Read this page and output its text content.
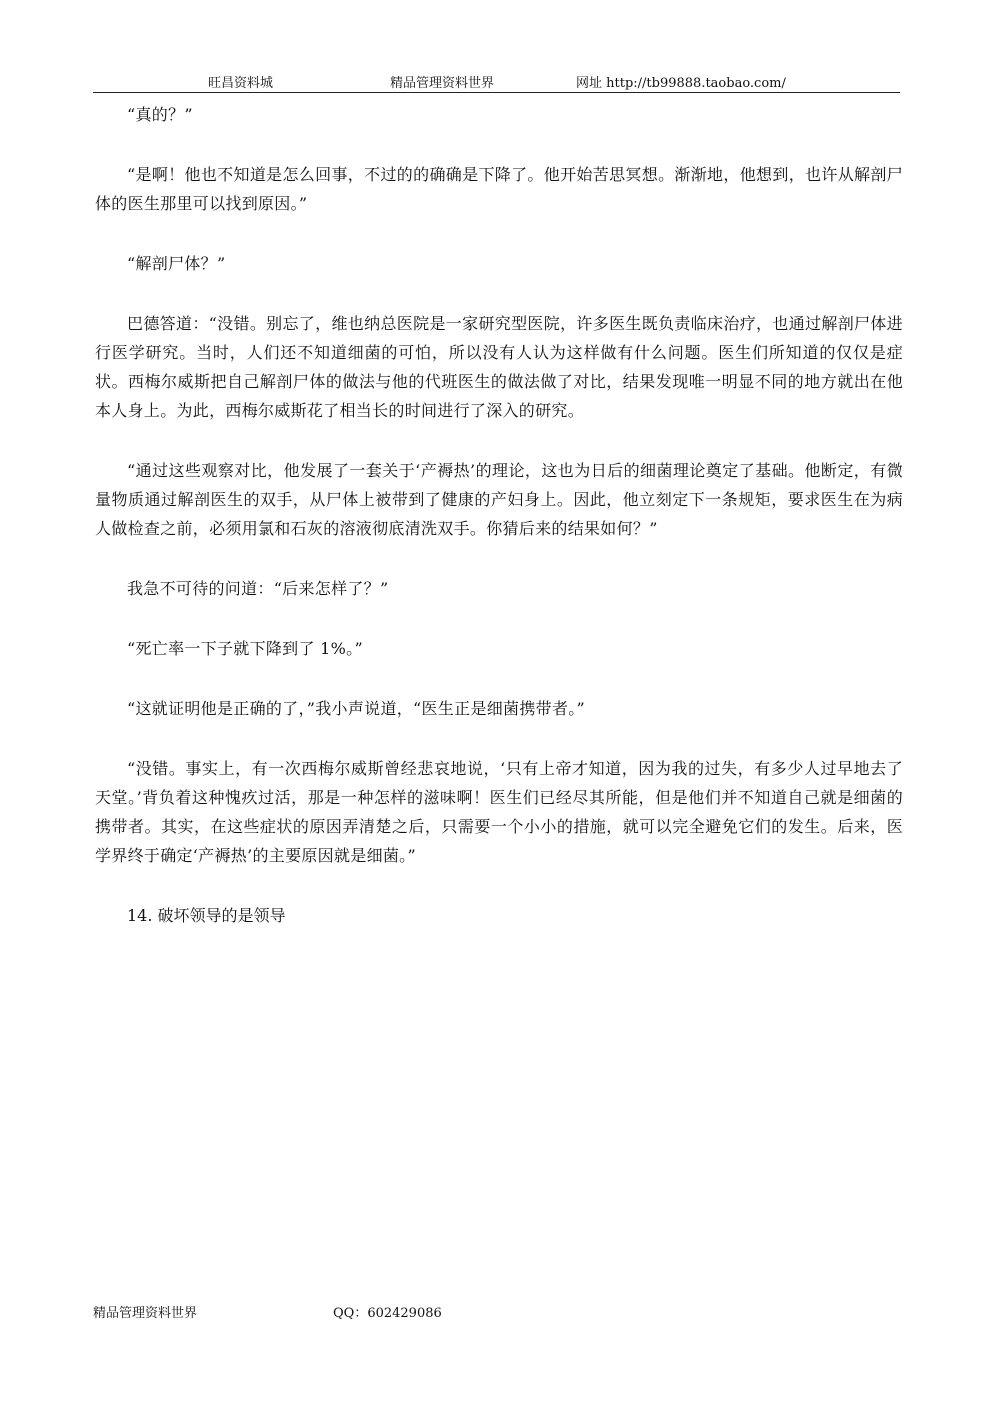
旺昌资料城	精品管理资料世界	网址 http://tb99888.taobao.com/

“真的？”

“是啊！他也不知道是怎么回事，不过的的确确是下降了。他开始苦思冥想。渐渐地，他想到，也许从解剖尸体的医生那里可以找到原因。”

“解剖尸体？”

巴德答道：“没错。别忘了，维也纳总医院是一家研究型医院，许多医生既负责临床治疗，也通过解剖尸体进行医学研究。当时，人们还不知道细菌的可怕，所以没有人认为这样做有什么问题。医生们所知道的仅仅是症状。西梅尔威斯把自己解剖尸体的做法与他的代班医生的做法做了对比，结果发现唯一明显不同的地方就出在他本人身上。为此，西梅尔威斯花了相当长的时间进行了深入的研究。

“通过这些观察对比，他发展了一套关于‘产褥热’的理论，这也为日后的细菌理论奠定了基础。他断定，有微量物质通过解剖医生的双手，从尸体上被带到了健康的产妇身上。因此，他立刻定下一条规矩，要求医生在为病人做检查之前，必须用氯和石灰的溶液彻底清洗双手。你猜后来的结果如何？”

我急不可待的问道：“后来怎样了？”

“死亡率一下子就下降到了 1%。”

“这就证明他是正确的了，”我小声说道，“医生正是细菌携带者。”

“没错。事实上，有一次西梅尔威斯曾经悲哀地说，‘只有上帝才知道，因为我的过失，有多少人过早地去了天堂。’背负着这种愧疚过活，那是一种怎样的滋味啊！医生们已经尽其所能，但是他们并不知道自己就是细菌的携带者。其实，在这些症状的原因弄清楚之后，只需要一个小小的措施，就可以完全避免它们的发生。后来，医学界终于确定‘产褥热’的主要原因就是细菌。”

14. 破坏领导的是领导

精品管理资料世界	QQ：602429086
